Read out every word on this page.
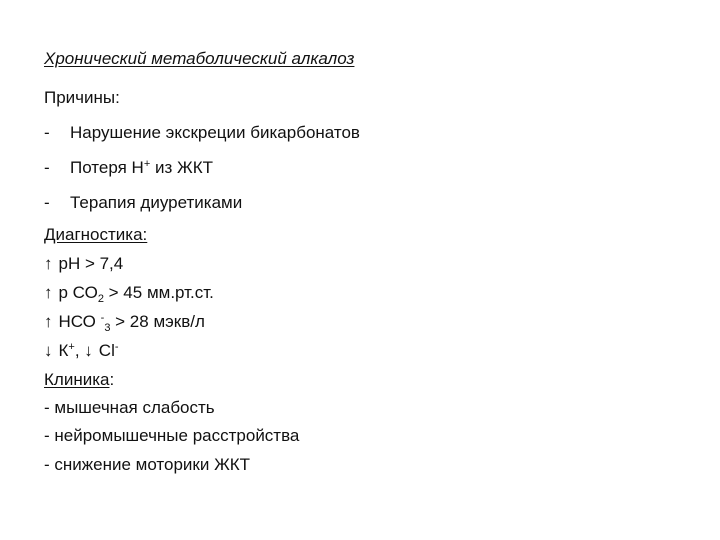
Хронический метаболический алкалоз
Причины:
- Нарушение экскреции бикарбонатов
- Потеря Н+ из ЖКТ
- Терапия диуретиками
Диагностика:
↑ рН > 7,4
↑ р $СО_2 > 45$ мм.рт.ст.
↑ НСО -$_3$ > 28 мэкв/л
↓ К+, ↓ Cl-
Клиника:
- мышечная слабость
- нейромышечные расстройства
- снижение моторики ЖКТ
